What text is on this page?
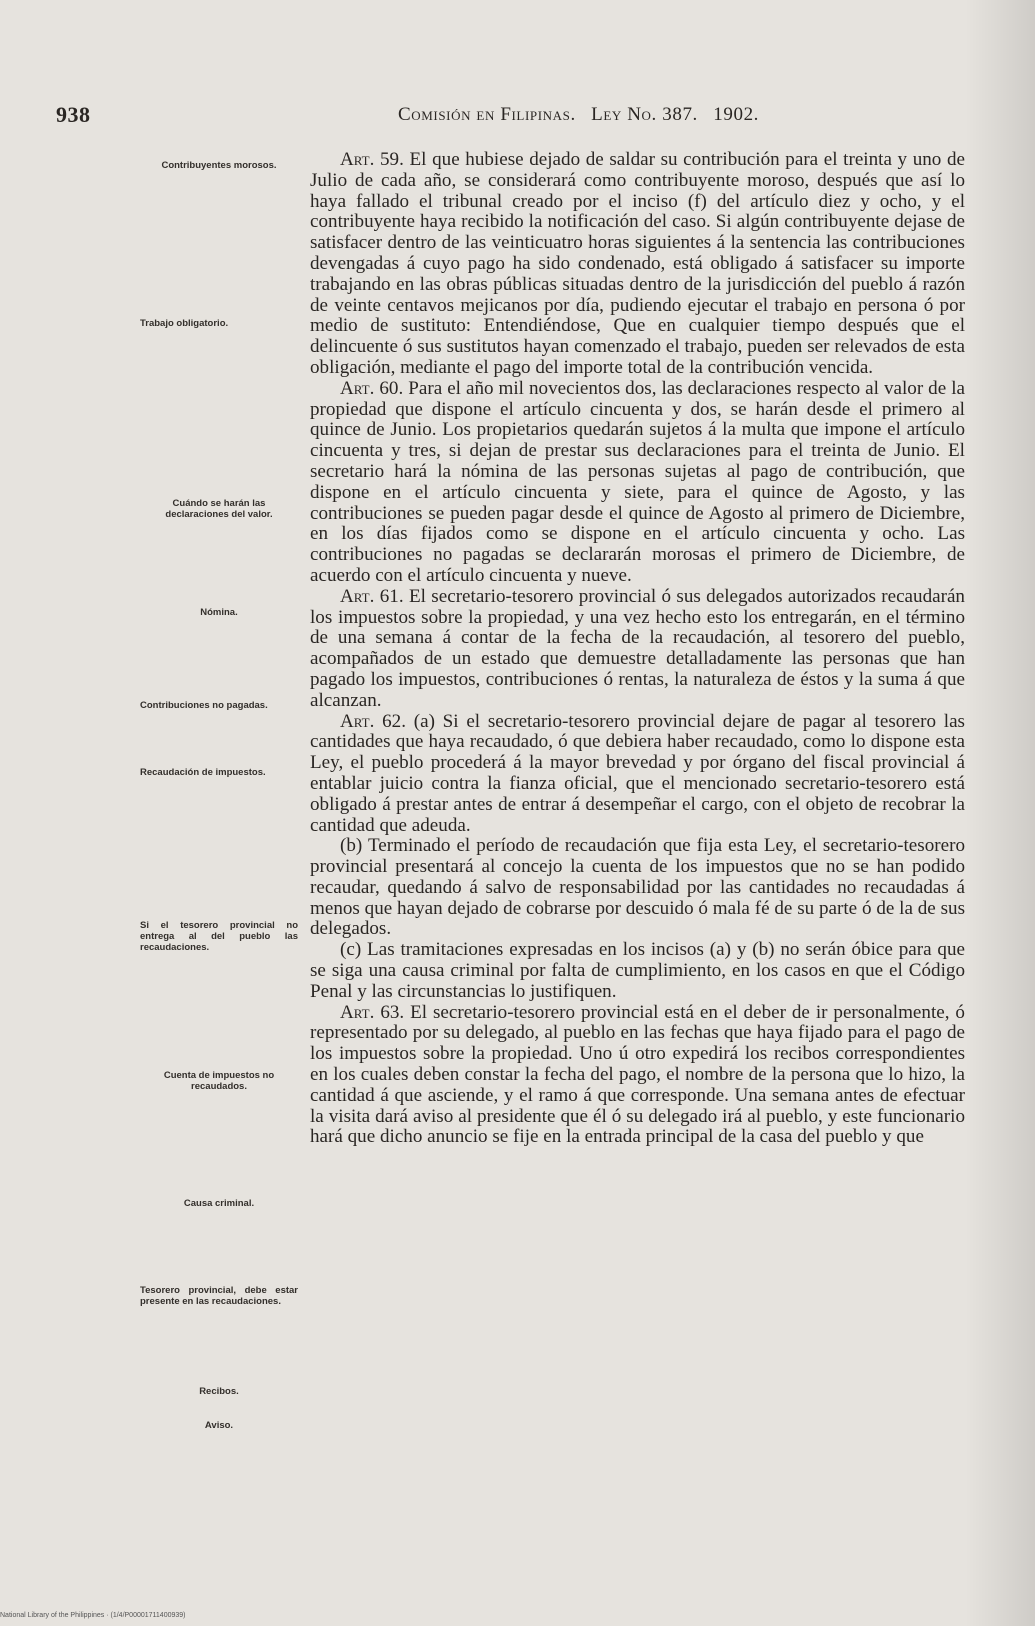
938	Comisión en Filipinas. Ley No. 387. 1902.
Contribuyentes morosos.
Trabajo obligatorio.
Cuándo se harán las declaraciones del valor.
Nómina.
Contribuciones no pagadas.
Recaudación de impuestos.
Si el tesorero provincial no entrega al del pueblo las recaudaciones.
Cuenta de impuestos no recaudados.
Causa criminal.
Tesorero provincial, debe estar presente en las recaudaciones.
Recibos.
Aviso.

Art. 59. El que hubiese dejado de saldar su contribución para el treinta y uno de Julio de cada año, se considerará como contribuyente moroso, después que así lo haya fallado el tribunal creado por el inciso (f) del artículo diez y ocho, y el contribuyente haya recibido la notificación del caso. Si algún contribuyente dejase de satisfacer dentro de las veinticuatro horas siguientes á la sentencia las contribuciones devengadas á cuyo pago ha sido condenado, está obligado á satisfacer su importe trabajando en las obras públicas situadas dentro de la jurisdicción del pueblo á razón de veinte centavos mejicanos por día, pudiendo ejecutar el trabajo en persona ó por medio de sustituto: Entendiéndose, Que en cualquier tiempo después que el delincuente ó sus sustitutos hayan comenzado el trabajo, pueden ser relevados de esta obligación, mediante el pago del importe total de la contribución vencida.

Art. 60. Para el año mil novecientos dos, las declaraciones respecto al valor de la propiedad que dispone el artículo cincuenta y dos, se harán desde el primero al quince de Junio. Los propietarios quedarán sujetos á la multa que impone el artículo cincuenta y tres, si dejan de prestar sus declaraciones para el treinta de Junio. El secretario hará la nómina de las personas sujetas al pago de contribución, que dispone en el artículo cincuenta y siete, para el quince de Agosto, y las contribuciones se pueden pagar desde el quince de Agosto al primero de Diciembre, en los días fijados como se dispone en el artículo cincuenta y ocho. Las contribuciones no pagadas se declararán morosas el primero de Diciembre, de acuerdo con el artículo cincuenta y nueve.

Art. 61. El secretario-tesorero provincial ó sus delegados autorizados recaudarán los impuestos sobre la propiedad, y una vez hecho esto los entregarán, en el término de una semana á contar de la fecha de la recaudación, al tesorero del pueblo, acompañados de un estado que demuestre detalladamente las personas que han pagado los impuestos, contribuciones ó rentas, la naturaleza de éstos y la suma á que alcanzan.

Art. 62. (a) Si el secretario-tesorero provincial dejare de pagar al tesorero las cantidades que haya recaudado, ó que debiera haber recaudado, como lo dispone esta Ley, el pueblo procederá á la mayor brevedad y por órgano del fiscal provincial á entablar juicio contra la fianza oficial, que el mencionado secretario-tesorero está obligado á prestar antes de entrar á desempeñar el cargo, con el objeto de recobrar la cantidad que adeuda.

(b) Terminado el período de recaudación que fija esta Ley, el secretario-tesorero provincial presentará al concejo la cuenta de los impuestos que no se han podido recaudar, quedando á salvo de responsabilidad por las cantidades no recaudadas á menos que hayan dejado de cobrarse por descuido ó mala fé de su parte ó de la de sus delegados.

(c) Las tramitaciones expresadas en los incisos (a) y (b) no serán óbice para que se siga una causa criminal por falta de cumplimiento, en los casos en que el Código Penal y las circunstancias lo justifiquen.

Art. 63. El secretario-tesorero provincial está en el deber de ir personalmente, ó representado por su delegado, al pueblo en las fechas que haya fijado para el pago de los impuestos sobre la propiedad. Uno ú otro expedirá los recibos correspondientes en los cuales deben constar la fecha del pago, el nombre de la persona que lo hizo, la cantidad á que asciende, y el ramo á que corresponde. Una semana antes de efectuar la visita dará aviso al presidente que él ó su delegado irá al pueblo, y este funcionario hará que dicho anuncio se fije en la entrada principal de la casa del pueblo y que

National Library of the Philippines · (1/4/P00001711400939)
